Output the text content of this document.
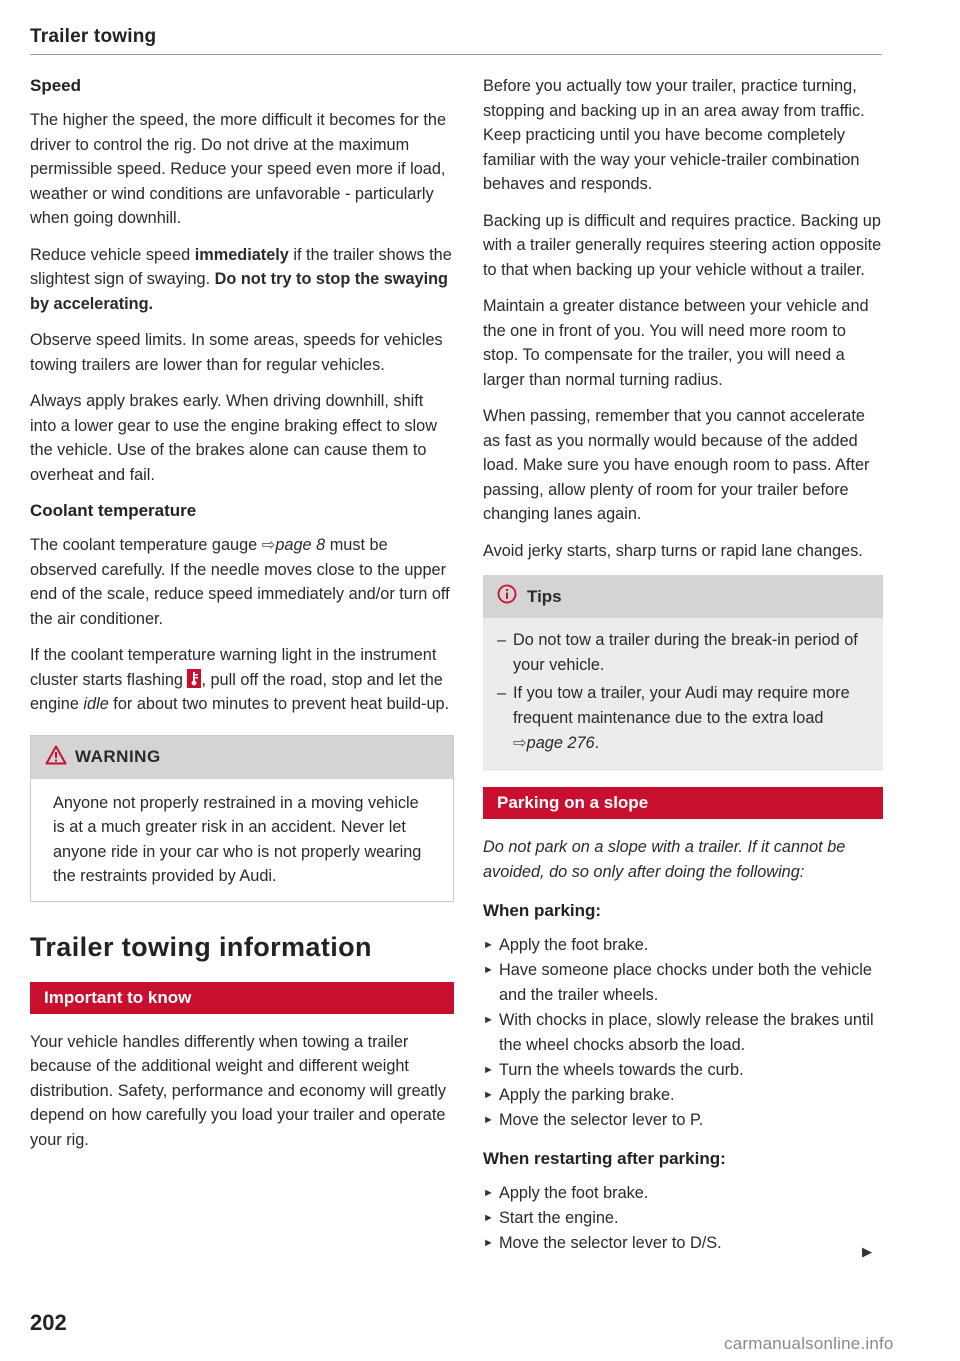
Trailer towing
Speed

The higher the speed, the more difficult it becomes for the driver to control the rig. Do not drive at the maximum permissible speed. Reduce your speed even more if load, weather or wind conditions are unfavorable - particularly when going downhill.

Reduce vehicle speed immediately if the trailer shows the slightest sign of swaying. Do not try to stop the swaying by accelerating.

Observe speed limits. In some areas, speeds for vehicles towing trailers are lower than for regular vehicles.

Always apply brakes early. When driving downhill, shift into a lower gear to use the engine braking effect to slow the vehicle. Use of the brakes alone can cause them to overheat and fail.

Coolant temperature

The coolant temperature gauge ⇨page 8 must be observed carefully. If the needle moves close to the upper end of the scale, reduce speed immediately and/or turn off the air conditioner.

If the coolant temperature warning light in the instrument cluster starts flashing
, pull off the road, stop and let the engine idle for about two minutes to prevent heat build-up.

WARNING

Anyone not properly restrained in a moving vehicle is at a much greater risk in an accident. Never let anyone ride in your car who is not properly wearing the restraints provided by Audi.

Trailer towing information
Important to know

Your vehicle handles differently when towing a trailer because of the additional weight and different weight distribution. Safety, performance and economy will greatly depend on how carefully you load your trailer and operate your rig.

Before you actually tow your trailer, practice turning, stopping and backing up in an area away from traffic. Keep practicing until you have become completely familiar with the way your vehicle-trailer combination behaves and responds.

Backing up is difficult and requires practice. Backing up with a trailer generally requires steering action opposite to that when backing up your vehicle without a trailer.

Maintain a greater distance between your vehicle and the one in front of you. You will need more room to stop. To compensate for the trailer, you will need a larger than normal turning radius.

When passing, remember that you cannot accelerate as fast as you normally would because of the added load. Make sure you have enough room to pass. After passing, allow plenty of room for your trailer before changing lanes again.

Avoid jerky starts, sharp turns or rapid lane changes.

Tips
– Do not tow a trailer during the break-in period of your vehicle.
– If you tow a trailer, your Audi may require more frequent maintenance due to the extra load ⇨page 276.
Parking on a slope

Do not park on a slope with a trailer. If it cannot be avoided, do so only after doing the following:

When parking:
► Apply the foot brake.
► Have someone place chocks under both the vehicle and the trailer wheels.
► With chocks in place, slowly release the brakes until the wheel chocks absorb the load.
► Turn the wheels towards the curb.
► Apply the parking brake.
► Move the selector lever to P.
When restarting after parking:
► Apply the foot brake.
► Start the engine.
► Move the selector lever to D/S.	▶
202
carmanualsonline.info
